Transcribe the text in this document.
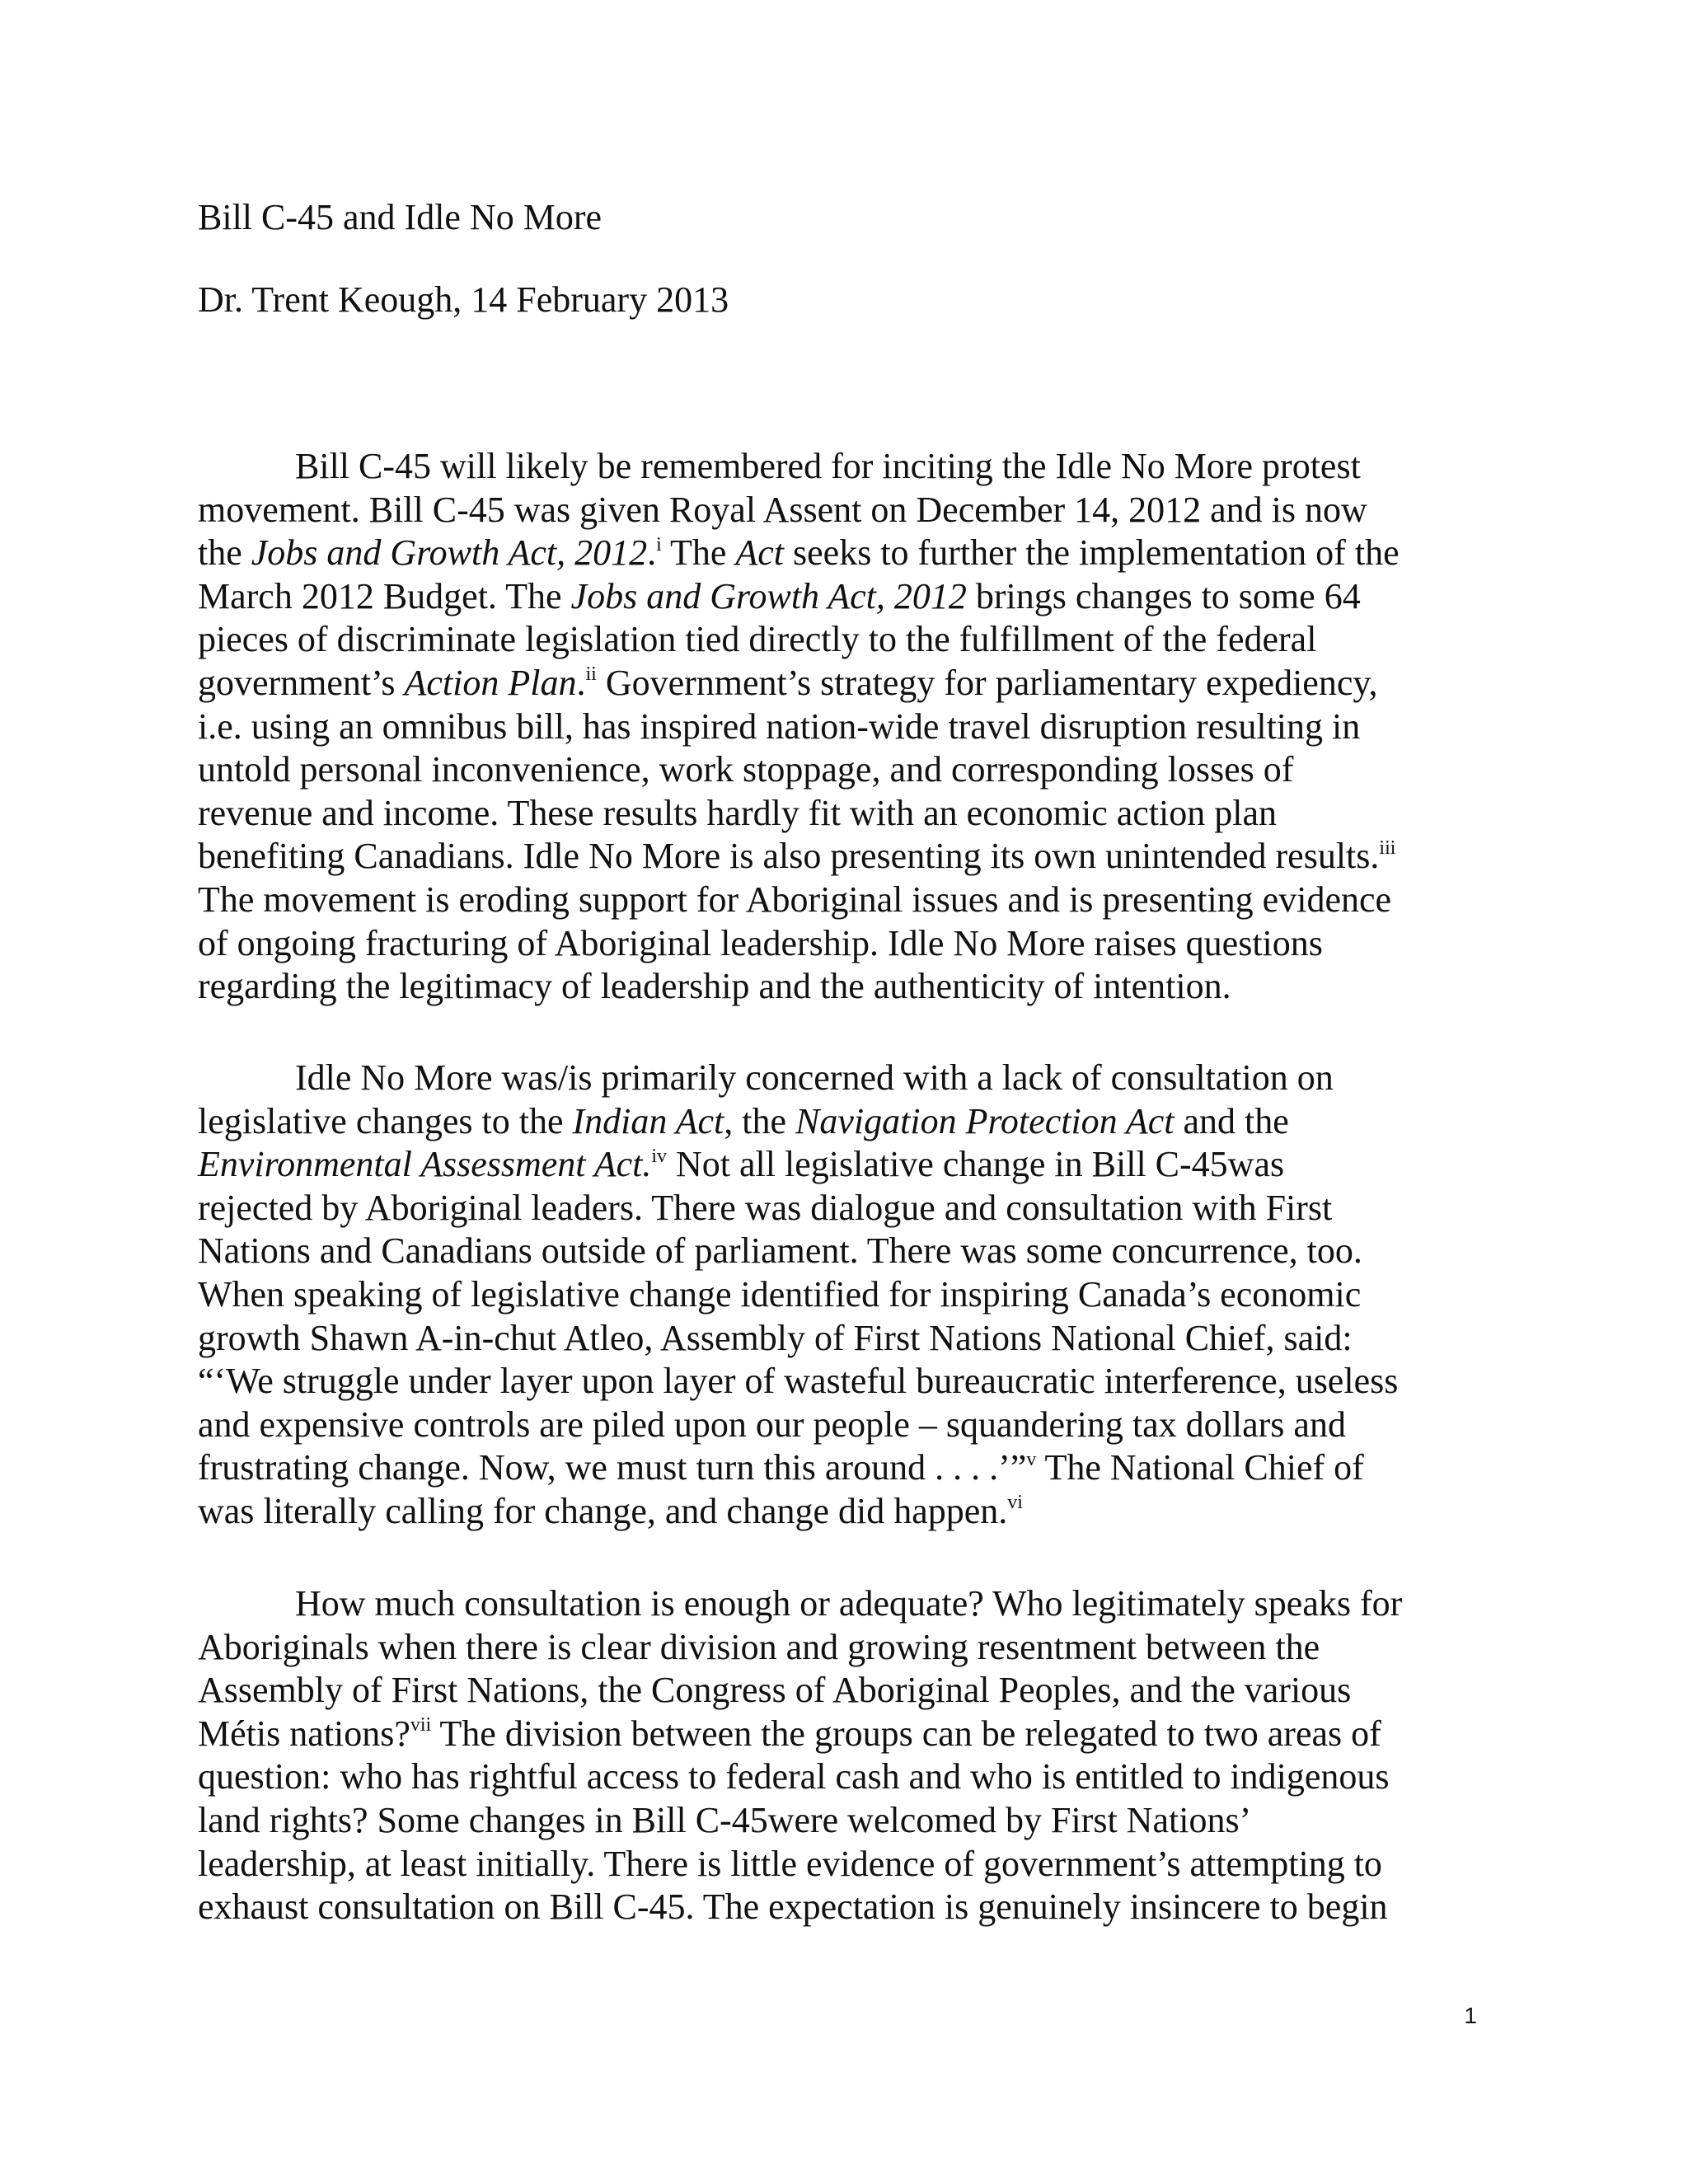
Bill C-45 and Idle No More
Dr. Trent Keough, 14 February 2013
Bill C-45 will likely be remembered for inciting the Idle No More protest
movement. Bill C-45 was given Royal Assent on December 14, 2012 and is now
the Jobs and Growth Act, 2012.$^i$ The Act seeks to further the implementation of the
March 2012 Budget. The Jobs and Growth Act, 2012 brings changes to some 64
pieces of discriminate legislation tied directly to the fulfillment of the federal
government’s Action Plan.$^{ii}$ Government’s strategy for parliamentary expediency,
i.e. using an omnibus bill, has inspired nation-wide travel disruption resulting in
untold personal inconvenience, work stoppage, and corresponding losses of
revenue and income. These results hardly fit with an economic action plan
benefiting Canadians. Idle No More is also presenting its own unintended results.$^{iii}$
The movement is eroding support for Aboriginal issues and is presenting evidence
of ongoing fracturing of Aboriginal leadership. Idle No More raises questions
regarding the legitimacy of leadership and the authenticity of intention.
Idle No More was/is primarily concerned with a lack of consultation on
legislative changes to the Indian Act, the Navigation Protection Act and the
Environmental Assessment Act.$^{iv}$ Not all legislative change in Bill C-45was
rejected by Aboriginal leaders. There was dialogue and consultation with First
Nations and Canadians outside of parliament. There was some concurrence, too.
When speaking of legislative change identified for inspiring Canada’s economic
growth Shawn A-in-chut Atleo, Assembly of First Nations National Chief, said:
“‘We struggle under layer upon layer of wasteful bureaucratic interference, useless
and expensive controls are piled upon our people – squandering tax dollars and
frustrating change. Now, we must turn this around . . . .’”$^v$ The National Chief of
was literally calling for change, and change did happen.$^{vi}$
How much consultation is enough or adequate? Who legitimately speaks for
Aboriginals when there is clear division and growing resentment between the
Assembly of First Nations, the Congress of Aboriginal Peoples, and the various
Métis nations?$^{vii}$ The division between the groups can be relegated to two areas of
question: who has rightful access to federal cash and who is entitled to indigenous
land rights? Some changes in Bill C-45were welcomed by First Nations’
leadership, at least initially. There is little evidence of government’s attempting to
exhaust consultation on Bill C-45. The expectation is genuinely insincere to begin
1
